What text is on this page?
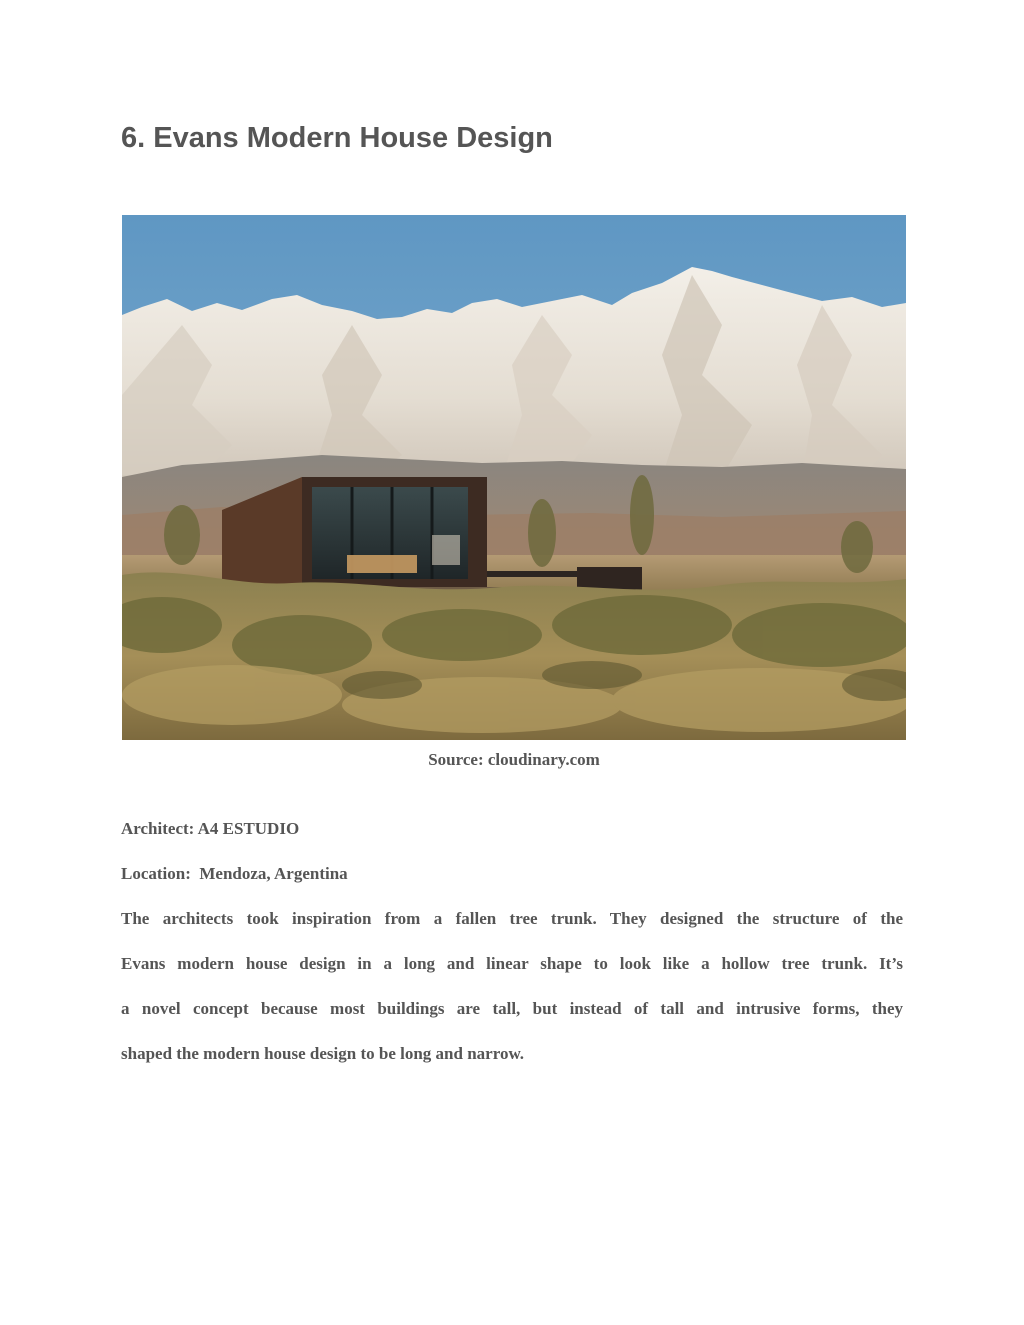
6. Evans Modern House Design
Source: cloudinary.com
Architect: A4 ESTUDIO
Location:  Mendoza, Argentina
The architects took inspiration from a fallen tree trunk. They designed the structure of the
Evans modern house design in a long and linear shape to look like a hollow tree trunk. It’s
a novel concept because most buildings are tall, but instead of tall and intrusive forms, they
shaped the modern house design to be long and narrow.
